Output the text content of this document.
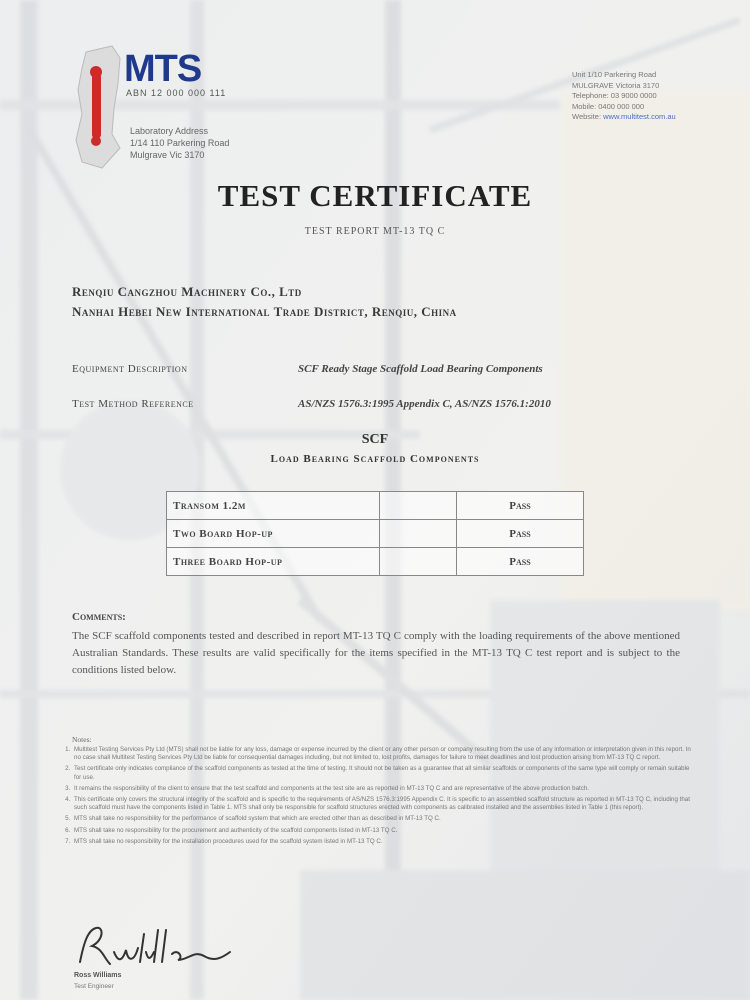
MTS
ABN 12 000 000 111
Laboratory Address
1/14 110 Parkering Road
Mulgrave Vic 3170
Unit 1/10 Parkering Road
MULGRAVE Victoria 3170
Telephone: 03 9000 0000
Mobile: 0400 000 000
Website: www.multitest.com.au
TEST CERTIFICATE
TEST REPORT MT-13 TQ C
Renqiu Cangzhou Machinery Co., Ltd
Nanhai Hebei New International Trade District, Renqiu, China
Equipment Description	SCF Ready Stage Scaffold Load Bearing Components
Test Method Reference	AS/NZS 1576.3:1995 Appendix C, AS/NZS 1576.1:2010
SCF
Load Bearing Scaffold Components
Transom 1.2m		Pass
Two Board Hop-up		Pass
Three Board Hop-up		Pass
Comments:
The SCF scaffold components tested and described in report MT-13 TQ C comply with the loading requirements of the above mentioned Australian Standards. These results are valid specifically for the items specified in the MT-13 TQ C test report and is subject to the conditions listed below.
Notes:
1. Multitest Testing Services Pty Ltd (MTS) shall not be liable for any loss, damage or expense incurred by the client or any other person or company resulting from the use of any information or interpretation given in this report. In no case shall Multitest Testing Services Pty Ltd be liable for consequential damages including, but not limited to, lost profits, damages for failure to meet deadlines and lost production arising from MT-13 TQ C report.
2. Test certificate only indicates compliance of the scaffold components as tested at the time of testing. It should not be taken as a guarantee that all similar scaffolds or components of the same type will comply or remain suitable for use.
3. It remains the responsibility of the client to ensure that the test scaffold and components at the test site are as reported in MT-13 TQ C and are representative of the above production batch.
4. This certificate only covers the structural integrity of the scaffold and is specific to the requirements of AS/NZS 1576.3:1995 Appendix C. It is specific to an assembled scaffold structure as reported in MT-13 TQ C, including that such scaffold must have the components listed in Table 1. MTS shall only be responsible for scaffold structures erected with components as calibrated installed and the assemblies listed in Table 1 (this report).
5. MTS shall take no responsibility for the performance of scaffold system that which are erected other than as described in MT-13 TQ C.
6. MTS shall take no responsibility for the procurement and authenticity of the scaffold components listed in MT-13 TQ C.
7. MTS shall take no responsibility for the installation procedures used for the scaffold system listed in MT-13 TQ C.
Ross Williams
Test Engineer
